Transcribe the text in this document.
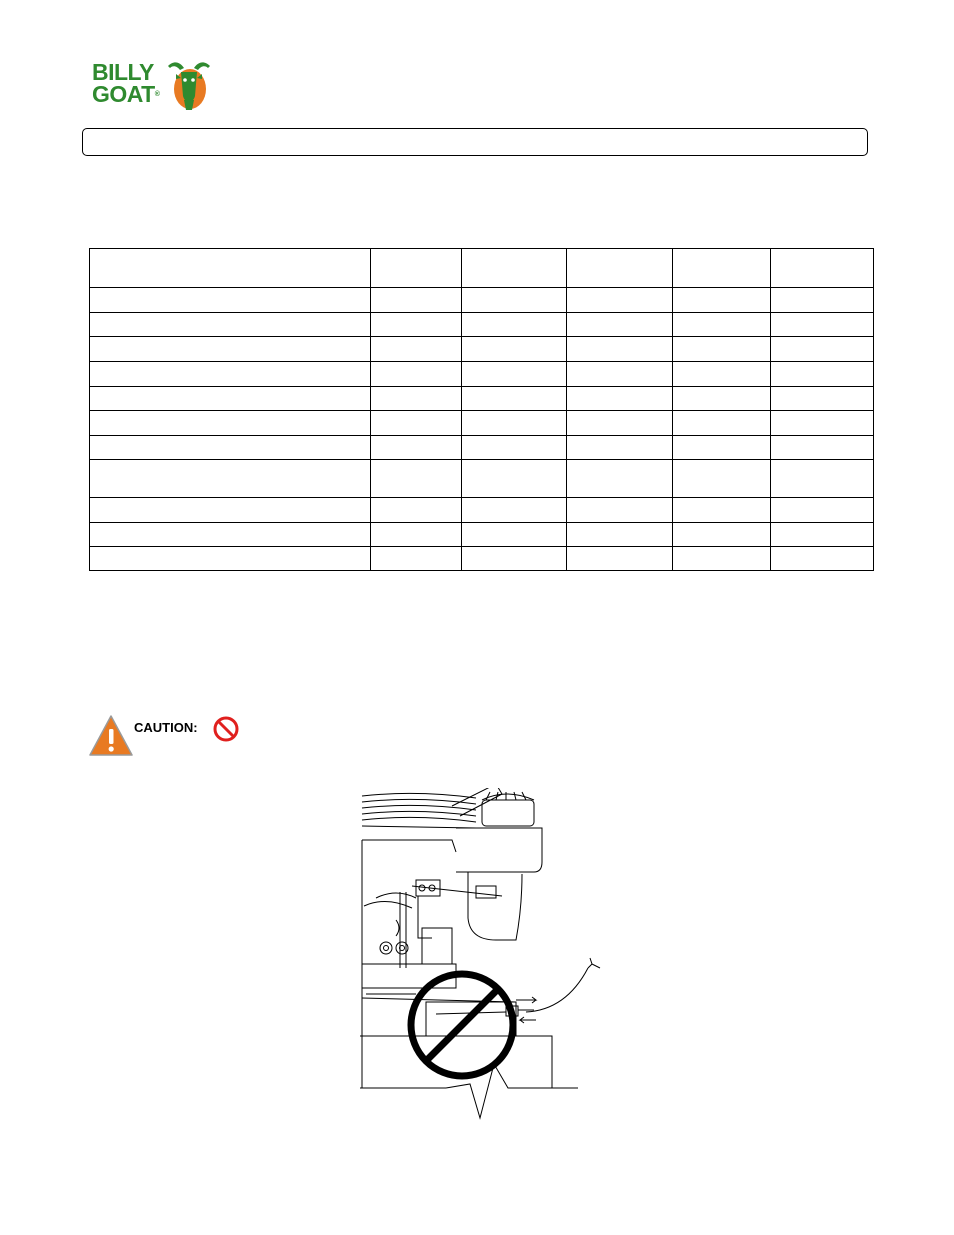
BILLY
GOAT®

CAUTION:
